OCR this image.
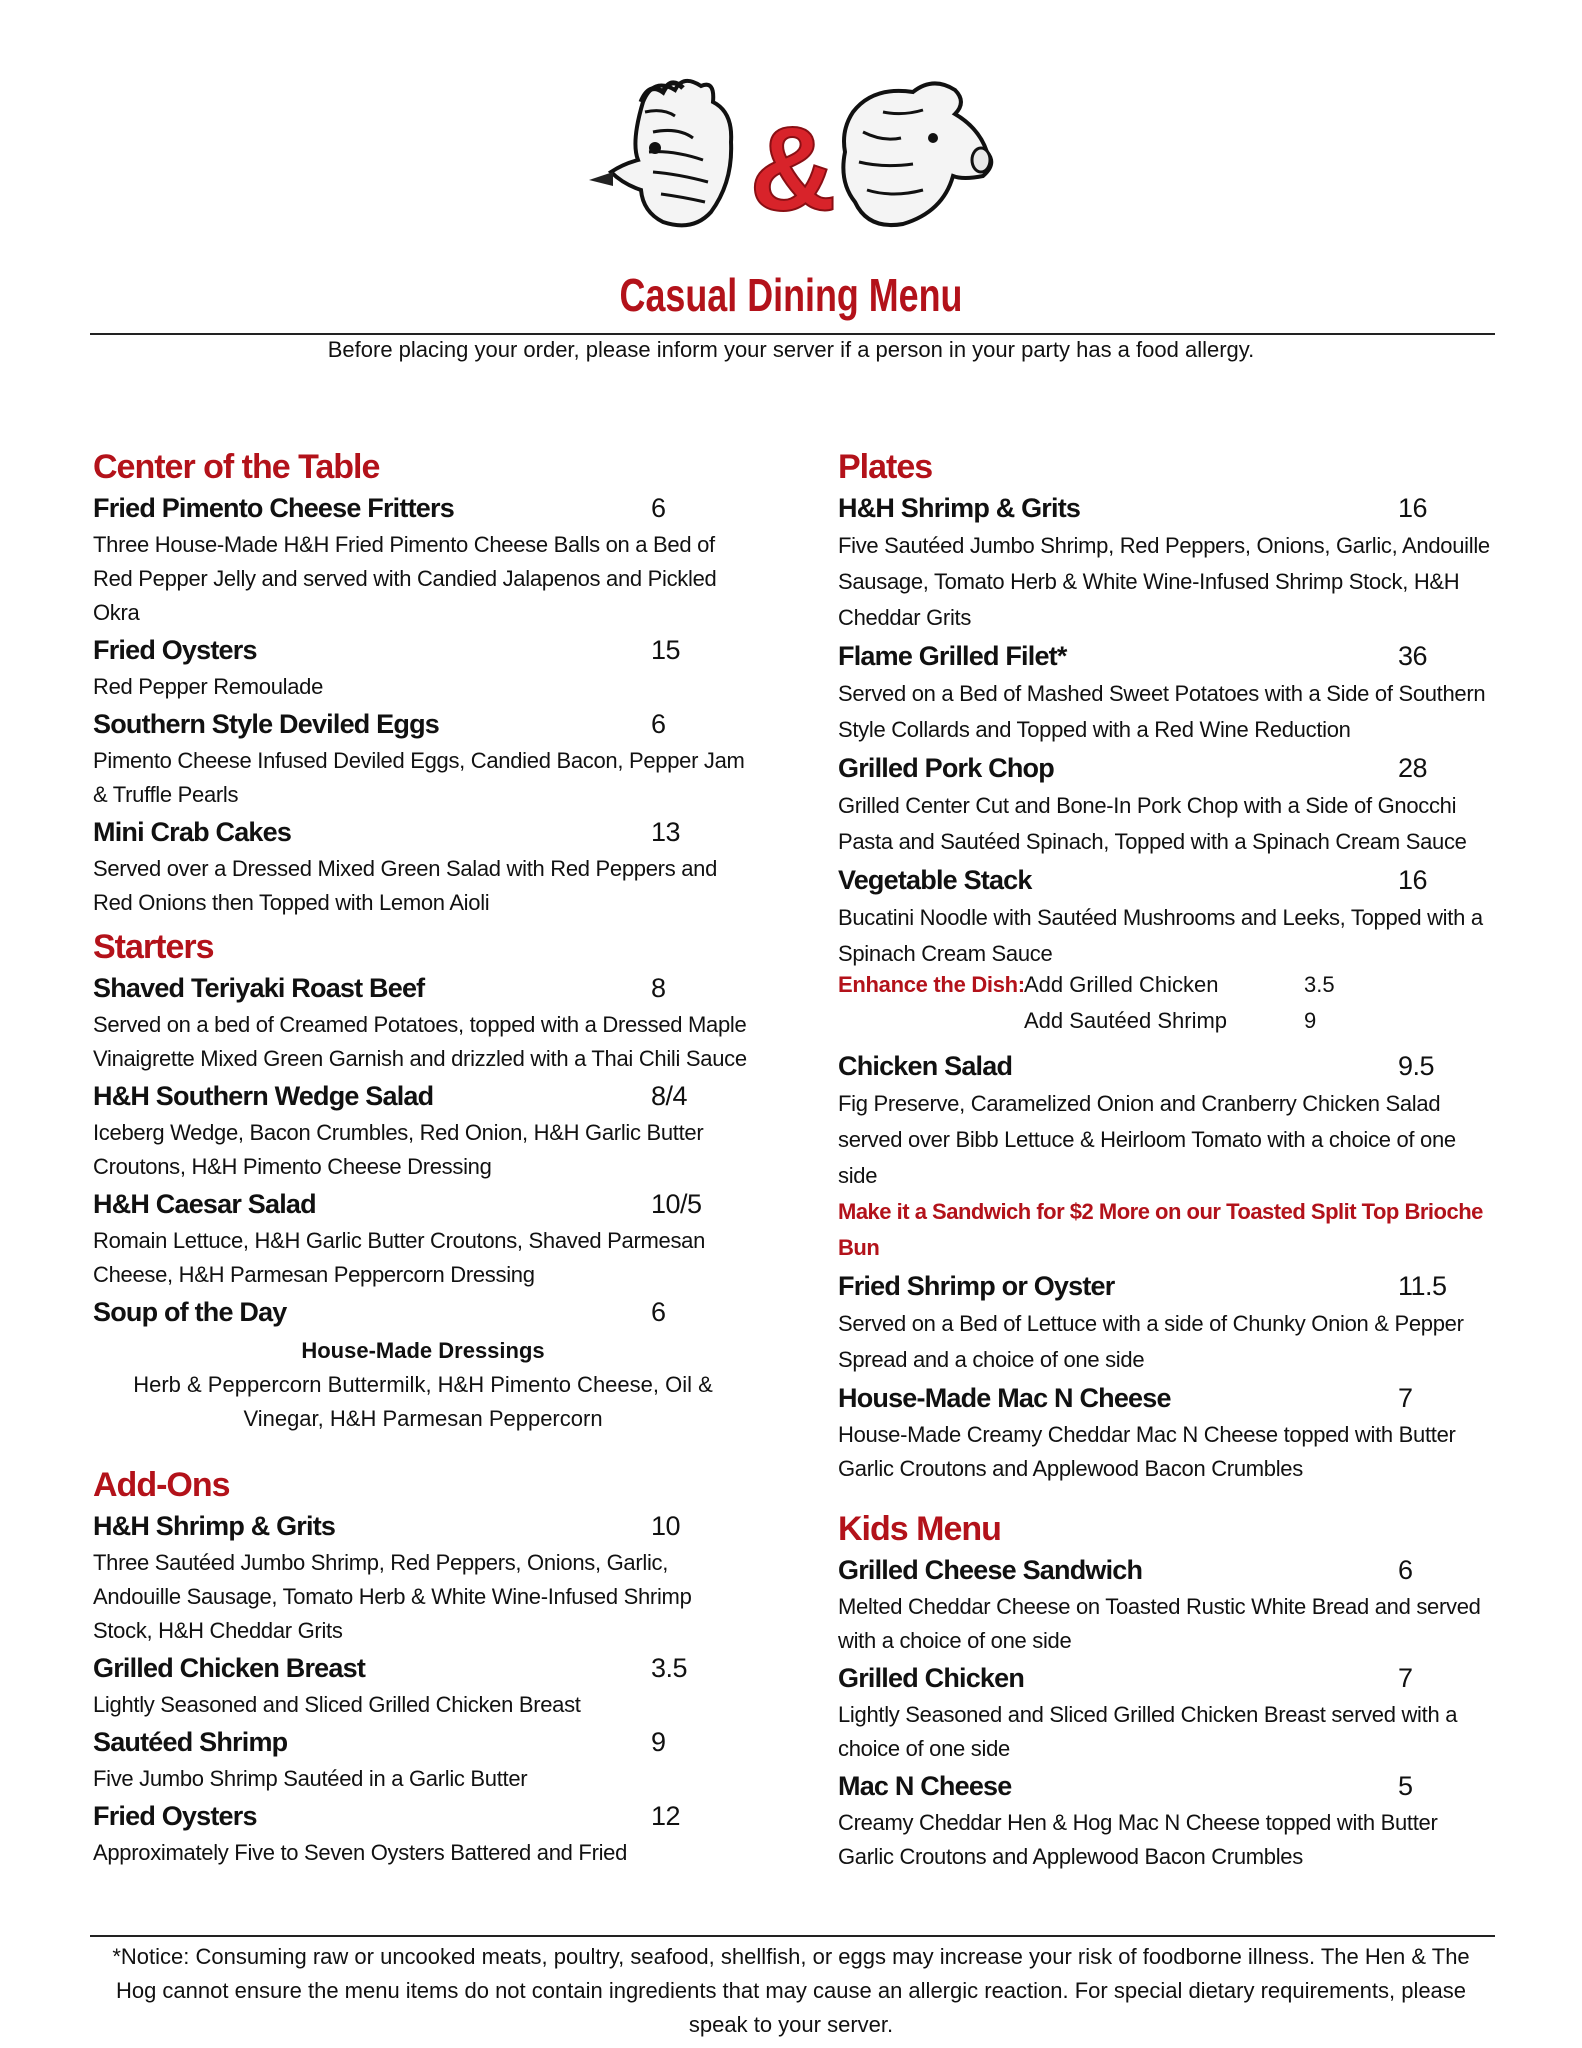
&
Casual Dining Menu
Before placing your order, please inform your server if a person in your party has a food allergy.
Center of the Table
Fried Pimento Cheese Fritters	6
Three House-Made H&H Fried Pimento Cheese Balls on a Bed of Red Pepper Jelly and served with Candied Jalapenos and Pickled Okra
Fried Oysters	15
Red Pepper Remoulade
Southern Style Deviled Eggs	6
Pimento Cheese Infused Deviled Eggs, Candied Bacon, Pepper Jam & Truffle Pearls
Mini Crab Cakes	13
Served over a Dressed Mixed Green Salad with Red Peppers and Red Onions then Topped with Lemon Aioli
Starters
Shaved Teriyaki Roast Beef	8
Served on a bed of Creamed Potatoes, topped with a Dressed Maple Vinaigrette Mixed Green Garnish and drizzled with a Thai Chili Sauce
H&H Southern Wedge Salad	8/4
Iceberg Wedge, Bacon Crumbles, Red Onion, H&H Garlic Butter Croutons, H&H Pimento Cheese Dressing
H&H Caesar Salad	10/5
Romain Lettuce, H&H Garlic Butter Croutons, Shaved Parmesan Cheese, H&H Parmesan Peppercorn Dressing
Soup of the Day	6
House-Made Dressings
Herb & Peppercorn Buttermilk, H&H Pimento Cheese, Oil & Vinegar, H&H Parmesan Peppercorn
Add-Ons
H&H Shrimp & Grits	10
Three Sautéed Jumbo Shrimp, Red Peppers, Onions, Garlic, Andouille Sausage, Tomato Herb & White Wine-Infused Shrimp Stock, H&H Cheddar Grits
Grilled Chicken Breast	3.5
Lightly Seasoned and Sliced Grilled Chicken Breast
Sautéed Shrimp	9
Five Jumbo Shrimp Sautéed in a Garlic Butter
Fried Oysters	12
Approximately Five to Seven Oysters Battered and Fried
Plates
H&H Shrimp & Grits	16
Five Sautéed Jumbo Shrimp, Red Peppers, Onions, Garlic, Andouille Sausage, Tomato Herb & White Wine-Infused Shrimp Stock, H&H Cheddar Grits
Flame Grilled Filet*	36
Served on a Bed of Mashed Sweet Potatoes with a Side of Southern Style Collards and Topped with a Red Wine Reduction
Grilled Pork Chop	28
Grilled Center Cut and Bone-In Pork Chop with a Side of Gnocchi Pasta and Sautéed Spinach, Topped with a Spinach Cream Sauce
Vegetable Stack	16
Bucatini Noodle with Sautéed Mushrooms and Leeks, Topped with a Spinach Cream Sauce
Enhance the Dish: Add Grilled Chicken	3.5
Add Sautéed Shrimp	9
Chicken Salad	9.5
Fig Preserve, Caramelized Onion and Cranberry Chicken Salad served over Bibb Lettuce & Heirloom Tomato with a choice of one side
Make it a Sandwich for $2 More on our Toasted Split Top Brioche Bun
Fried Shrimp or Oyster	11.5
Served on a Bed of Lettuce with a side of Chunky Onion & Pepper Spread and a choice of one side
House-Made Mac N Cheese	7
House-Made Creamy Cheddar Mac N Cheese topped with Butter Garlic Croutons and Applewood Bacon Crumbles
Kids Menu
Grilled Cheese Sandwich	6
Melted Cheddar Cheese on Toasted Rustic White Bread and served with a choice of one side
Grilled Chicken	7
Lightly Seasoned and Sliced Grilled Chicken Breast served with a choice of one side
Mac N Cheese	5
Creamy Cheddar Hen & Hog Mac N Cheese topped with Butter Garlic Croutons and Applewood Bacon Crumbles
*Notice: Consuming raw or uncooked meats, poultry, seafood, shellfish, or eggs may increase your risk of foodborne illness. The Hen & The Hog cannot ensure the menu items do not contain ingredients that may cause an allergic reaction. For special dietary requirements, please speak to your server.
